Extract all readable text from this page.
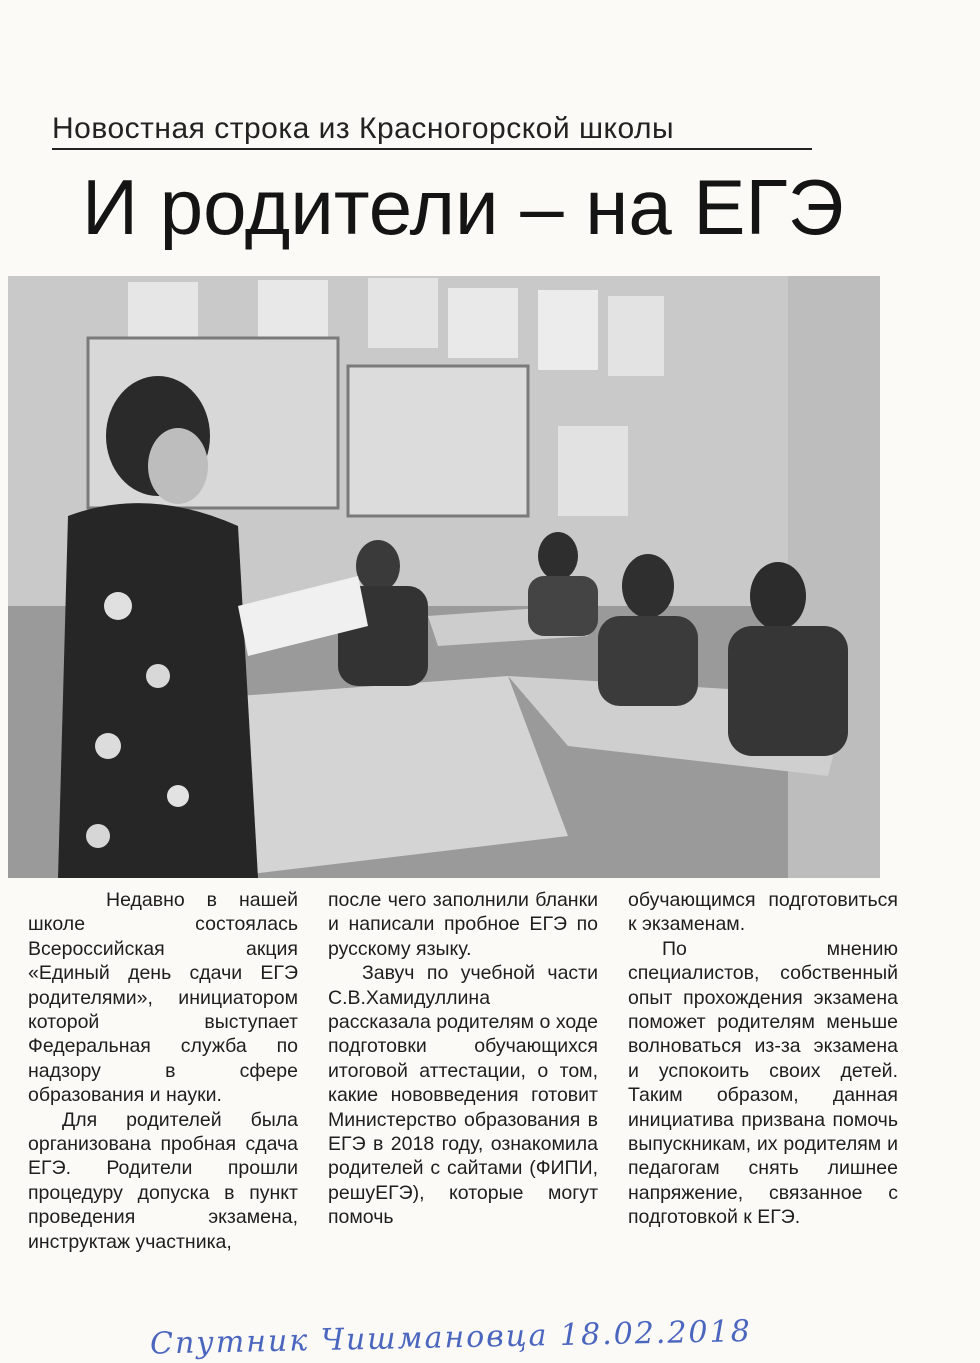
Новостная строка из Красногорской школы
И родители – на ЕГЭ

Недавно в нашей школе состоялась Всероссийская акция «Единый день сдачи ЕГЭ родителями», инициатором которой выступает Федеральная служба по надзору в сфере образования и науки.

Для родителей была организована пробная сдача ЕГЭ. Родители прошли процедуру допуска в пункт проведения экзамена, инструктаж участника,

после чего заполнили бланки и написали пробное ЕГЭ по русскому языку.

Завуч по учебной части С.В.Хамидуллина рассказала родителям о ходе подготовки обучающихся итоговой аттестации, о том, какие нововведения готовит Министерство образования в ЕГЭ в 2018 году, ознакомила родителей с сайтами (ФИПИ, решуЕГЭ), которые могут помочь

обучающимся подготовиться к экзаменам.

По мнению специалистов, собственный опыт прохождения экзамена поможет родителям меньше волноваться из-за экзамена и успокоить своих детей. Таким образом, данная инициатива призвана помочь выпускникам, их родителям и педагогам снять лишнее напряжение, связанное с подготовкой к ЕГЭ.

Спутник Чишмановца 18.02.2018
